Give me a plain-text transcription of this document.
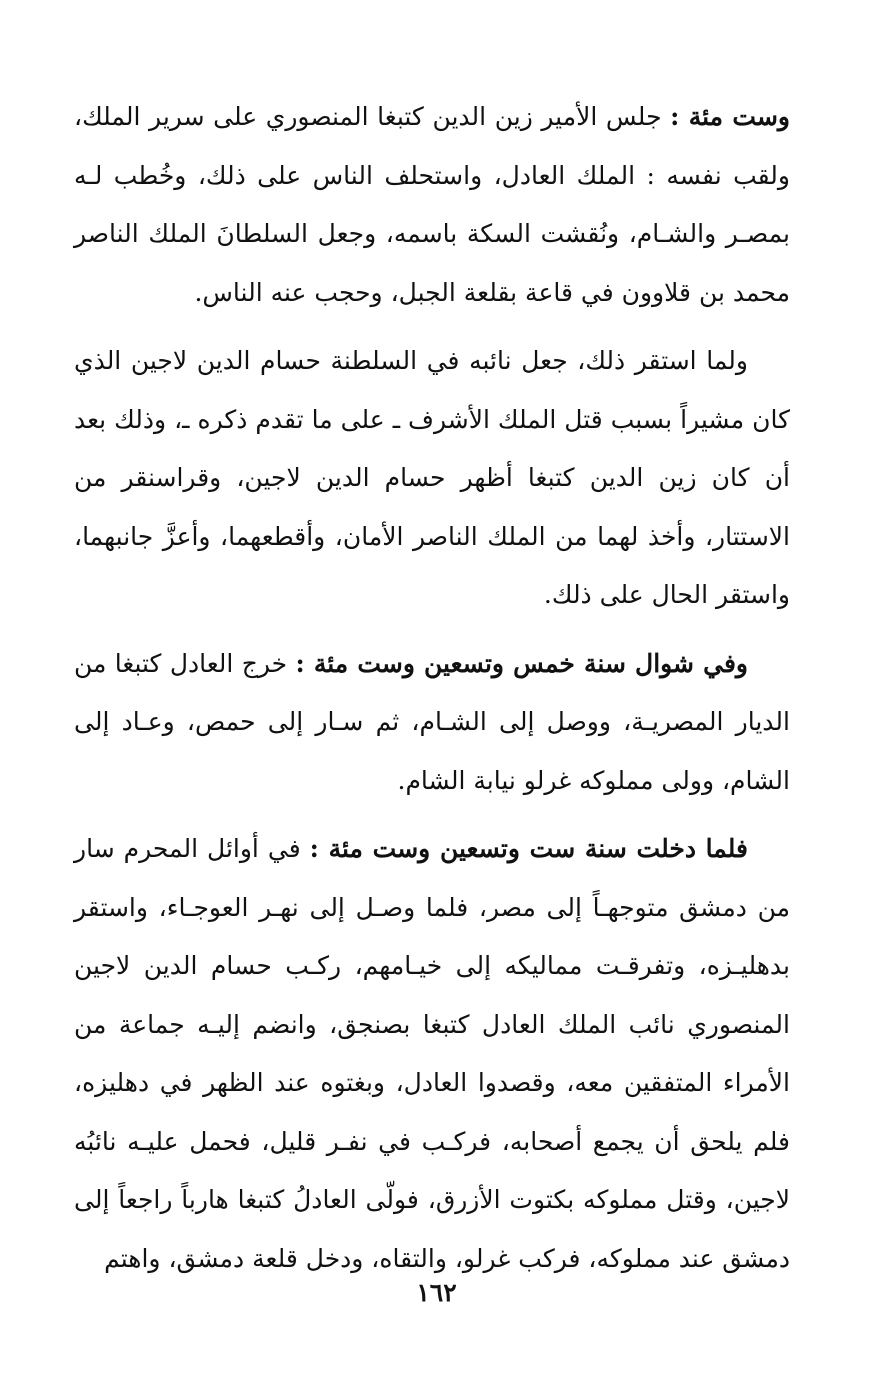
وست مئة : جلس الأمير زين الدين كتبغا المنصوري على سرير الملك، ولقب نفسه : الملك العادل، واستحلف الناس على ذلك، وخُطب لـه بمصـر والشـام، ونُقشت السكة باسمه، وجعل السلطانَ الملك الناصر محمد بن قلاوون في قاعة بقلعة الجبل، وحجب عنه الناس.

ولما استقر ذلك، جعل نائبه في السلطنة حسام الدين لاجين الذي كان مشيراً بسبب قتل الملك الأشرف ـ على ما تقدم ذكره ـ، وذلك بعد أن كان زين الدين كتبغا أظهر حسام الدين لاجين، وقراسنقر من الاستتار، وأخذ لهما من الملك الناصر الأمان، وأقطعهما، وأعزَّ جانبهما، واستقر الحال على ذلك.

وفي شوال سنة خمس وتسعين وست مئة : خرج العادل كتبغا من الديار المصريـة، ووصل إلى الشـام، ثم سـار إلى حمص، وعـاد إلى الشام، وولى مملوكه غرلو نيابة الشام.

فلما دخلت سنة ست وتسعين وست مئة : في أوائل المحرم سار من دمشق متوجهـاً إلى مصر، فلما وصـل إلى نهـر العوجـاء، واستقر بدهليـزه، وتفرقـت مماليكه إلى خيـامهم، ركـب حسام الدين لاجين المنصوري نائب الملك العادل كتبغا بصنجق، وانضم إليـه جماعة من الأمراء المتفقين معه، وقصدوا العادل، وبغتوه عند الظهر في دهليزه، فلم يلحق أن يجمع أصحابه، فركـب في نفـر قليل، فحمل عليـه نائبُه لاجين، وقتل مملوكه بكتوت الأزرق، فولّى العادلُ كتبغا هارباً راجعاً إلى دمشق عند مملوكه، فركب غرلو، والتقاه، ودخل قلعة دمشق، واهتم

١٦٢
